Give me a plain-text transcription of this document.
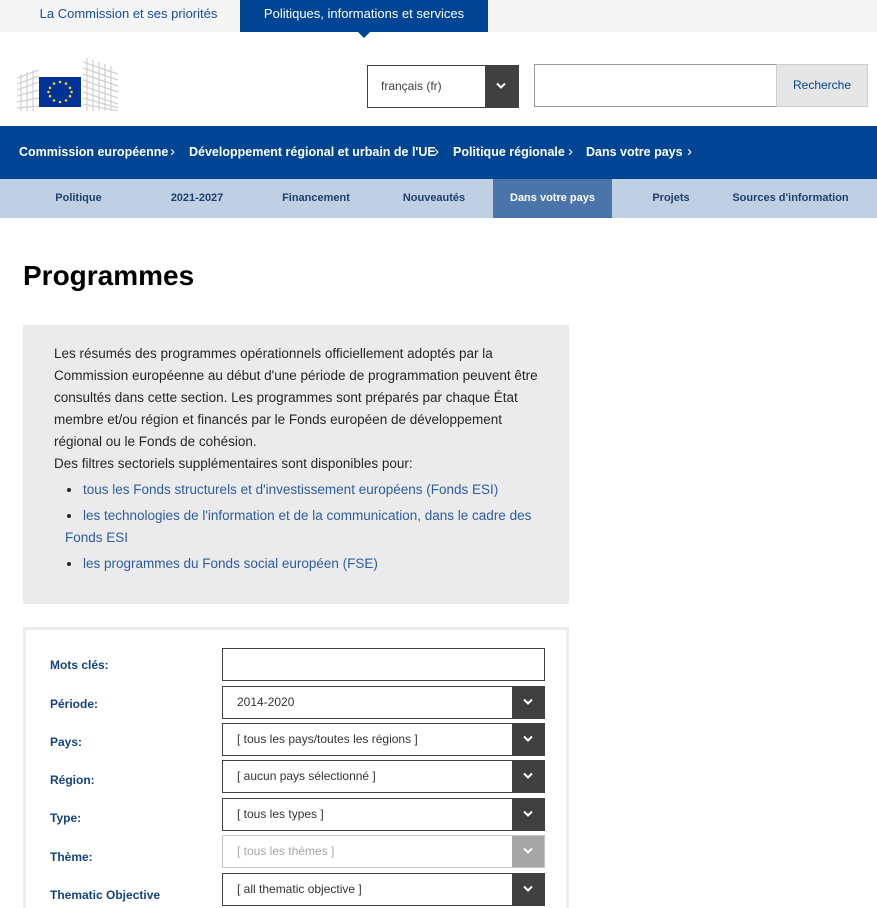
La Commission et ses priorités	Politiques, informations et services
français (fr)	Recherche
Commission européenne › Développement régional et urbain de l'UE
› Politique régionale › Dans votre pays ›
Politique	2021-2027	Financement	Nouveautés	Dans votre pays	Projets	Sources d'information
Programmes
Les résumés des programmes opérationnels officiellement adoptés par la Commission européenne au début d'une période de programmation peuvent être consultés dans cette section. Les programmes sont préparés par chaque État membre et/ou région et financés par le Fonds européen de développement régional ou le Fonds de cohésion.
Des filtres sectoriels supplémentaires sont disponibles pour:
tous les Fonds structurels et d'investissement européens (Fonds ESI)
les technologies de l'information et de la communication, dans le cadre des Fonds ESI
les programmes du Fonds social européen (FSE)
Mots clés:
Période:	2014-2020
Pays:	[ tous les pays/toutes les régions ]
Région:	[ aucun pays sélectionné ]
Type:	[ tous les types ]
Thème:	[ tous les thèmes ]
Thematic Objective	[ all thematic objective ]
